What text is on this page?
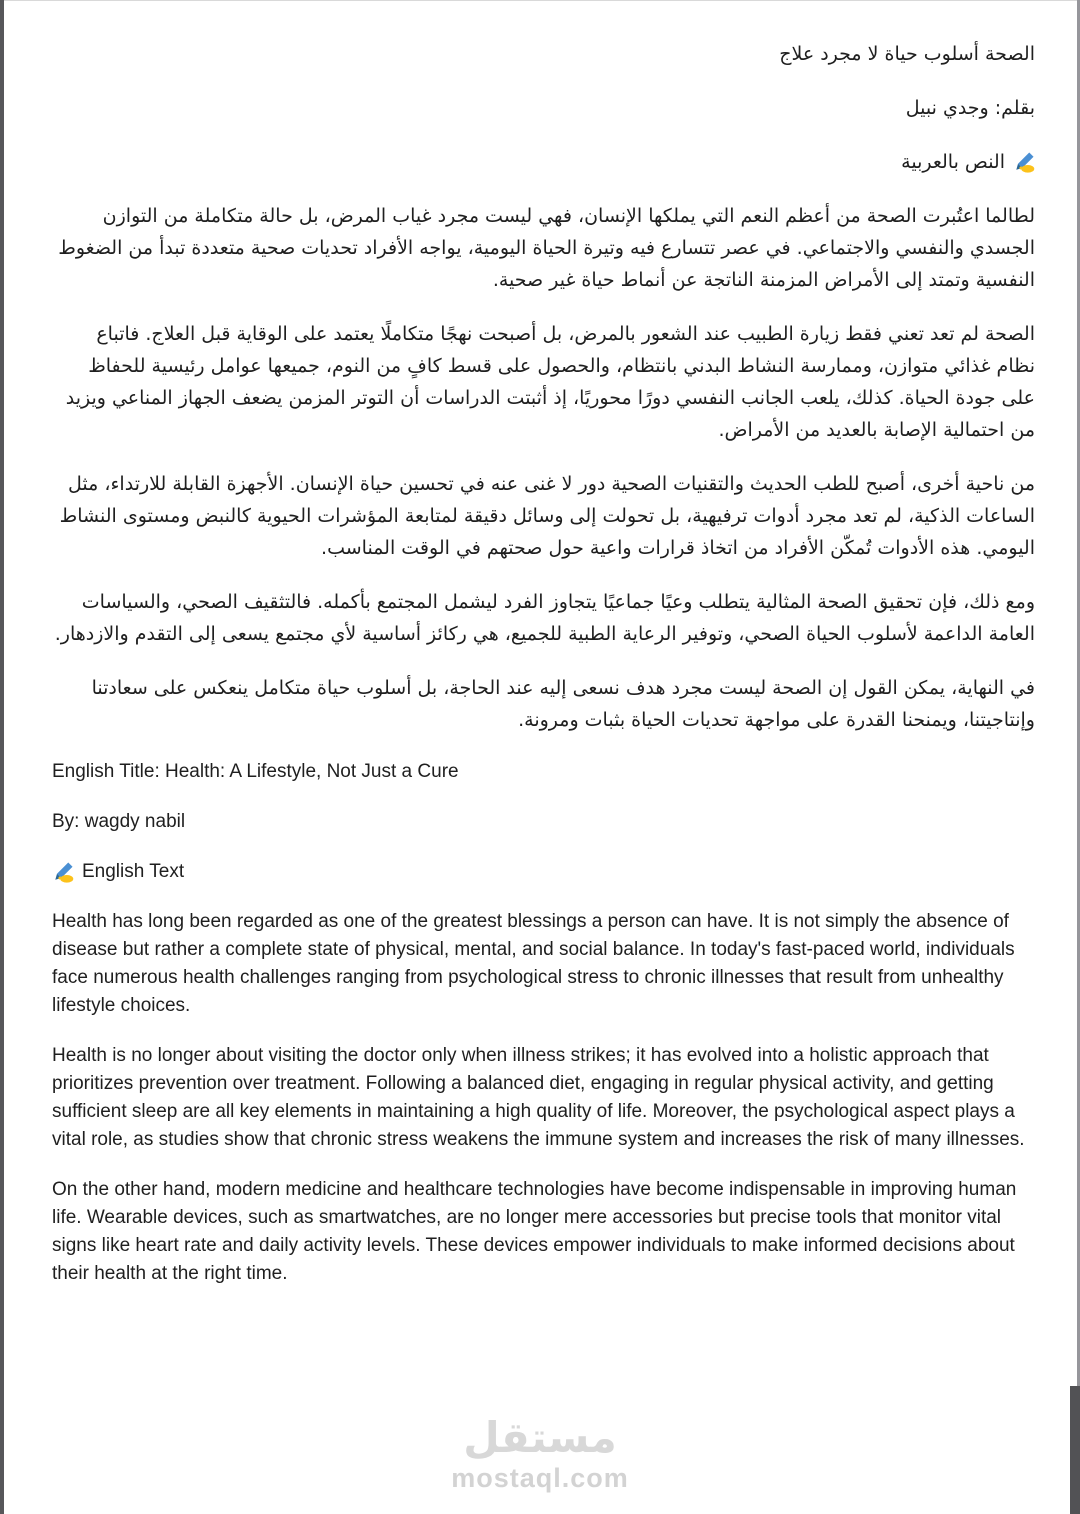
الصحة أسلوب حياة لا مجرد علاج

بقلم: وجدي نبيل

النص بالعربية

لطالما اعتُبرت الصحة من أعظم النعم التي يملكها الإنسان، فهي ليست مجرد غياب المرض، بل حالة متكاملة من التوازن الجسدي والنفسي والاجتماعي. في عصر تتسارع فيه وتيرة الحياة اليومية، يواجه الأفراد تحديات صحية متعددة تبدأ من الضغوط النفسية وتمتد إلى الأمراض المزمنة الناتجة عن أنماط حياة غير صحية.

الصحة لم تعد تعني فقط زيارة الطبيب عند الشعور بالمرض، بل أصبحت نهجًا متكاملًا يعتمد على الوقاية قبل العلاج. فاتباع نظام غذائي متوازن، وممارسة النشاط البدني بانتظام، والحصول على قسط كافٍ من النوم، جميعها عوامل رئيسية للحفاظ على جودة الحياة. كذلك، يلعب الجانب النفسي دورًا محوريًا، إذ أثبتت الدراسات أن التوتر المزمن يضعف الجهاز المناعي ويزيد من احتمالية الإصابة بالعديد من الأمراض.

من ناحية أخرى، أصبح للطب الحديث والتقنيات الصحية دور لا غنى عنه في تحسين حياة الإنسان. الأجهزة القابلة للارتداء، مثل الساعات الذكية، لم تعد مجرد أدوات ترفيهية، بل تحولت إلى وسائل دقيقة لمتابعة المؤشرات الحيوية كالنبض ومستوى النشاط اليومي. هذه الأدوات تُمكّن الأفراد من اتخاذ قرارات واعية حول صحتهم في الوقت المناسب.

ومع ذلك، فإن تحقيق الصحة المثالية يتطلب وعيًا جماعيًا يتجاوز الفرد ليشمل المجتمع بأكمله. فالتثقيف الصحي، والسياسات العامة الداعمة لأسلوب الحياة الصحي، وتوفير الرعاية الطبية للجميع، هي ركائز أساسية لأي مجتمع يسعى إلى التقدم والازدهار.

في النهاية، يمكن القول إن الصحة ليست مجرد هدف نسعى إليه عند الحاجة، بل أسلوب حياة متكامل ينعكس على سعادتنا وإنتاجيتنا، ويمنحنا القدرة على مواجهة تحديات الحياة بثبات ومرونة.

English Title: Health: A Lifestyle, Not Just a Cure

By: wagdy nabil

English Text

Health has long been regarded as one of the greatest blessings a person can have. It is not simply the absence of disease but rather a complete state of physical, mental, and social balance. In today's fast-paced world, individuals face numerous health challenges ranging from psychological stress to chronic illnesses that result from unhealthy lifestyle choices.

Health is no longer about visiting the doctor only when illness strikes; it has evolved into a holistic approach that prioritizes prevention over treatment. Following a balanced diet, engaging in regular physical activity, and getting sufficient sleep are all key elements in maintaining a high quality of life. Moreover, the psychological aspect plays a vital role, as studies show that chronic stress weakens the immune system and increases the risk of many illnesses.

On the other hand, modern medicine and healthcare technologies have become indispensable in improving human life. Wearable devices, such as smartwatches, are no longer mere accessories but precise tools that monitor vital signs like heart rate and daily activity levels. These devices empower individuals to make informed decisions about their health at the right time.

مستقل
mostaql.com
